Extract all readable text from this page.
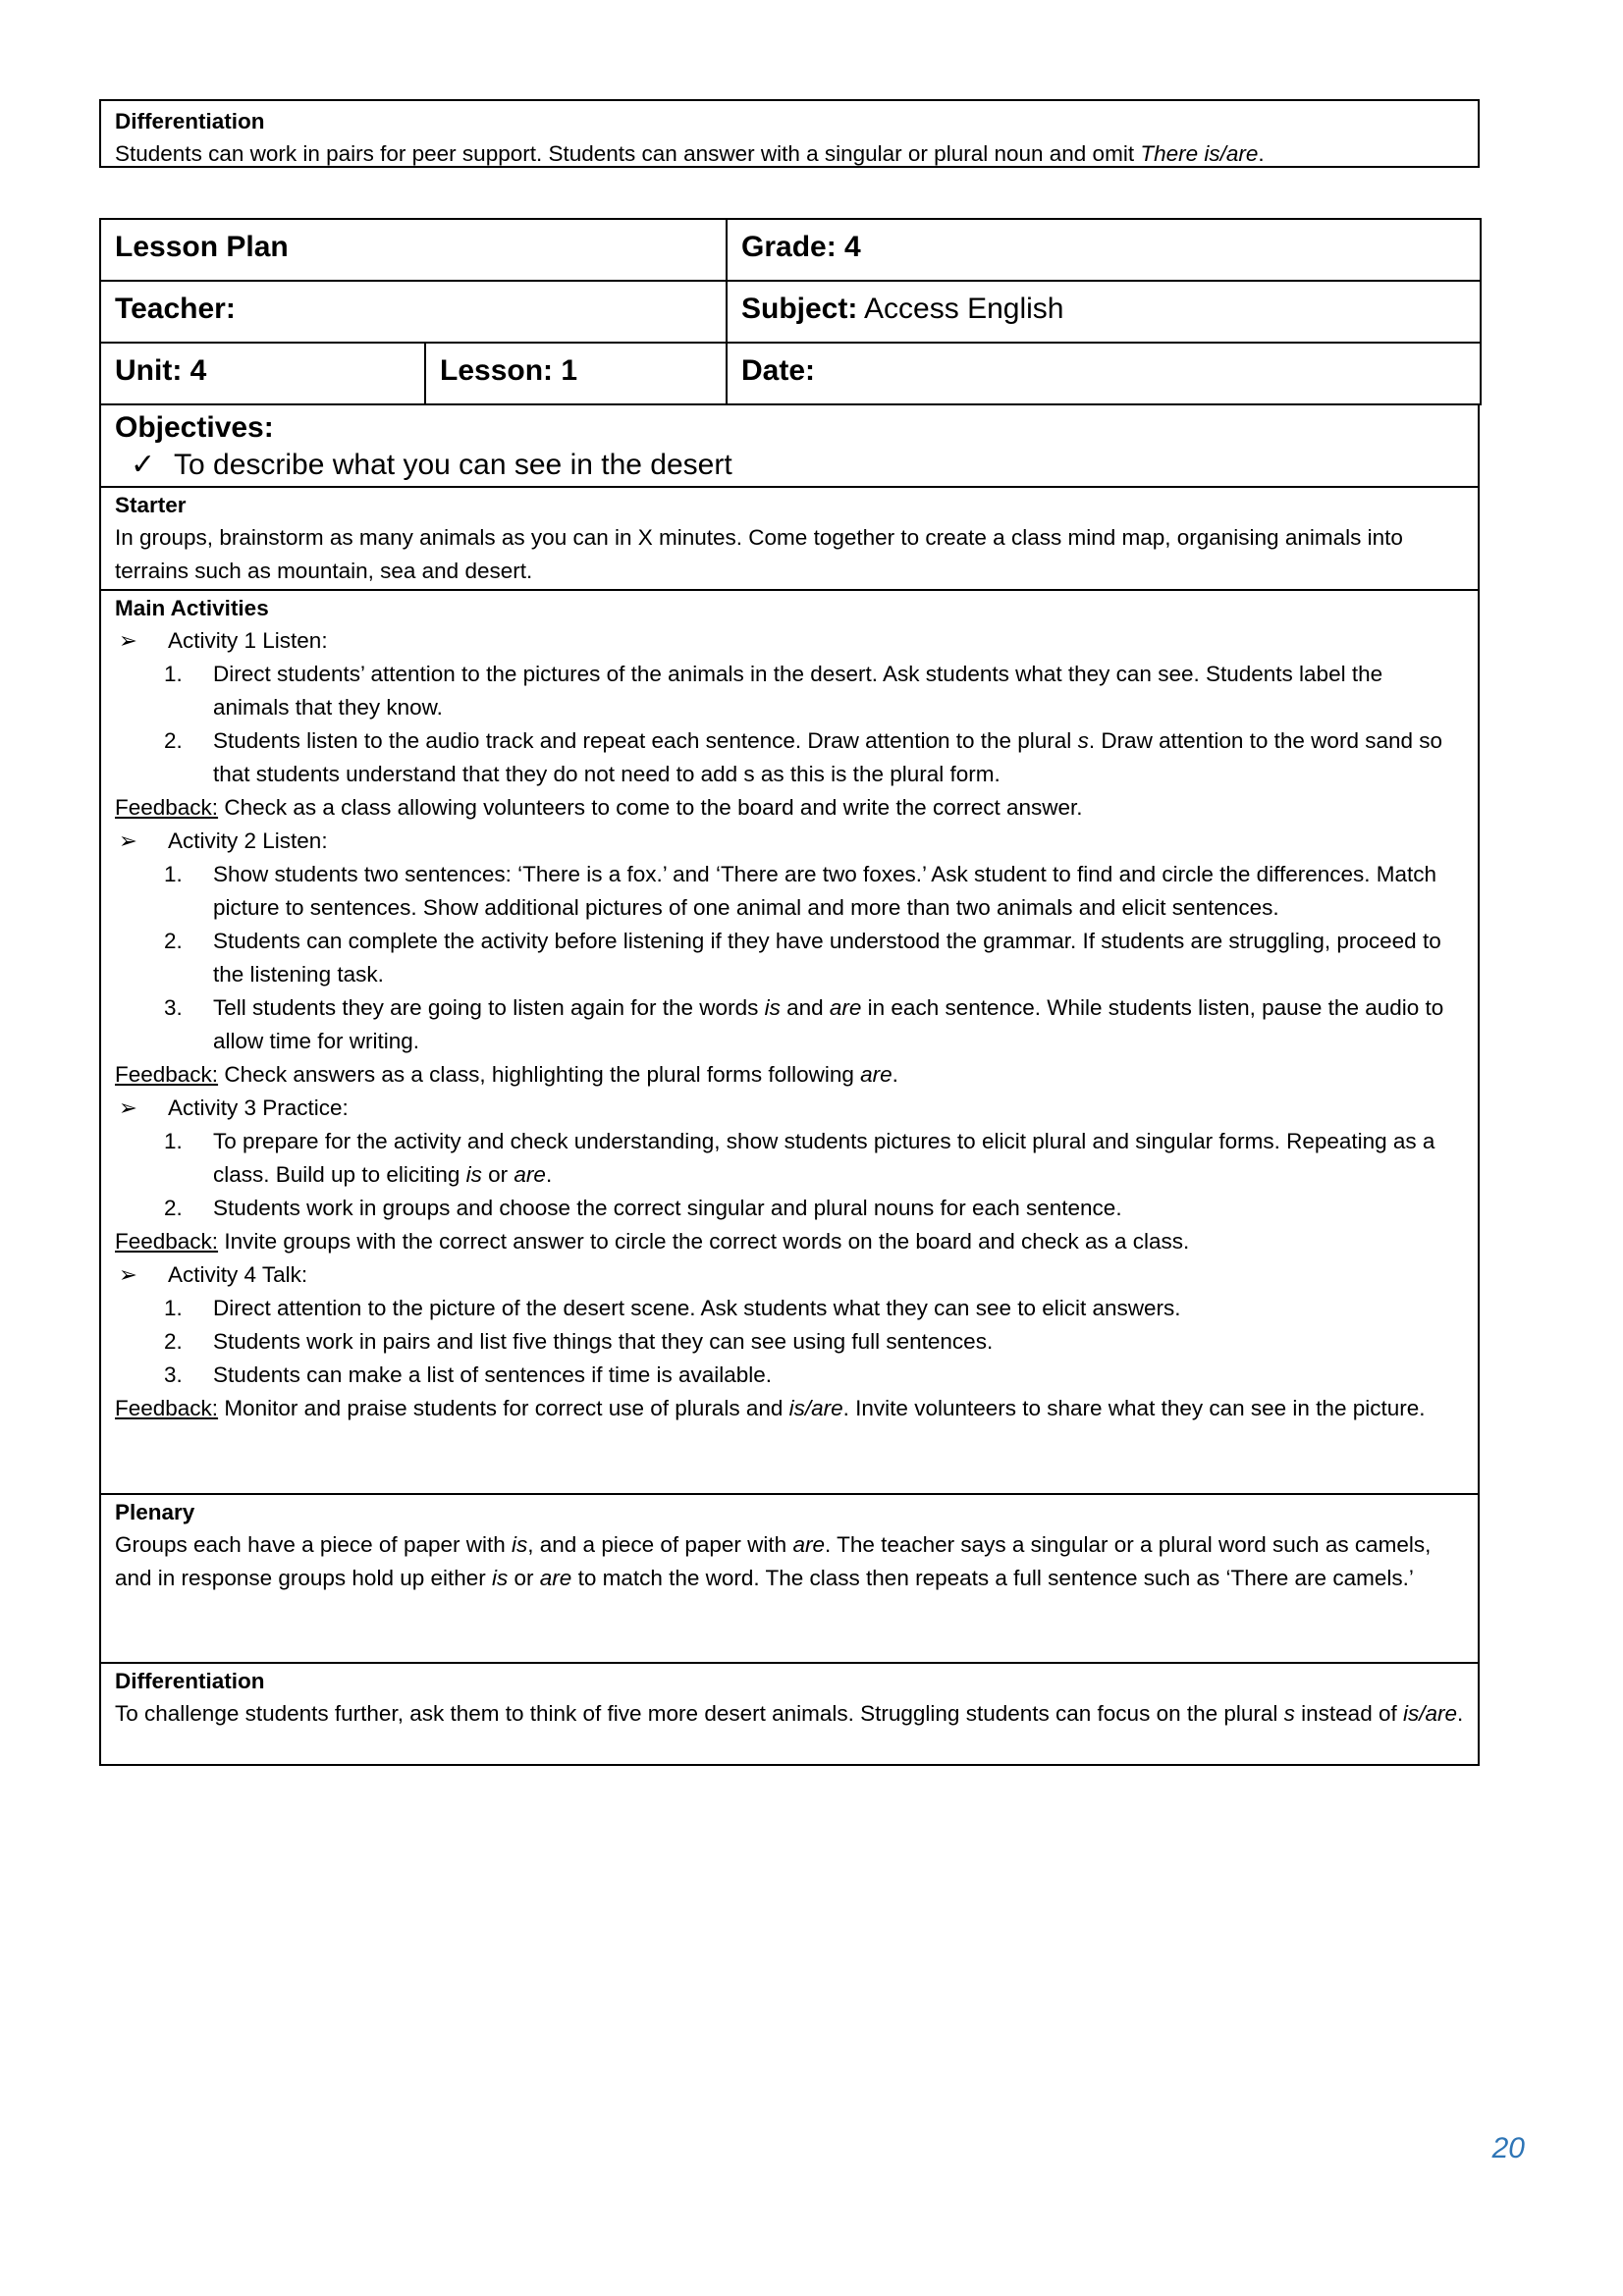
Differentiation
Students can work in pairs for peer support. Students can answer with a singular or plural noun and omit There is/are.
Lesson Plan		Grade: 4
Teacher:		Subject: Access English
Unit: 4	Lesson: 1	Date:
Objectives:
✓ To describe what you can see in the desert
Starter
In groups, brainstorm as many animals as you can in X minutes. Come together to create a class mind map, organising animals into terrains such as mountain, sea and desert.
Main Activities
➢ Activity 1 Listen:
1. Direct students’ attention to the pictures of the animals in the desert. Ask students what they can see. Students label the animals that they know.
2. Students listen to the audio track and repeat each sentence. Draw attention to the plural s. Draw attention to the word sand so that students understand that they do not need to add s as this is the plural form.
Feedback: Check as a class allowing volunteers to come to the board and write the correct answer.
➢ Activity 2 Listen:
1. Show students two sentences: ‘There is a fox.’ and ‘There are two foxes.’ Ask student to find and circle the differences. Match picture to sentences. Show additional pictures of one animal and more than two animals and elicit sentences.
2. Students can complete the activity before listening if they have understood the grammar. If students are struggling, proceed to the listening task.
3. Tell students they are going to listen again for the words is and are in each sentence. While students listen, pause the audio to allow time for writing.
Feedback: Check answers as a class, highlighting the plural forms following are.
➢ Activity 3 Practice:
1. To prepare for the activity and check understanding, show students pictures to elicit plural and singular forms. Repeating as a class. Build up to eliciting is or are.
2. Students work in groups and choose the correct singular and plural nouns for each sentence.
Feedback: Invite groups with the correct answer to circle the correct words on the board and check as a class.
➢ Activity 4 Talk:
1. Direct attention to the picture of the desert scene. Ask students what they can see to elicit answers.
2. Students work in pairs and list five things that they can see using full sentences.
3. Students can make a list of sentences if time is available.
Feedback: Monitor and praise students for correct use of plurals and is/are. Invite volunteers to share what they can see in the picture.
Plenary
Groups each have a piece of paper with is, and a piece of paper with are. The teacher says a singular or a plural word such as camels, and in response groups hold up either is or are to match the word. The class then repeats a full sentence such as ‘There are camels.’
Differentiation
To challenge students further, ask them to think of five more desert animals. Struggling students can focus on the plural s instead of is/are.
20
